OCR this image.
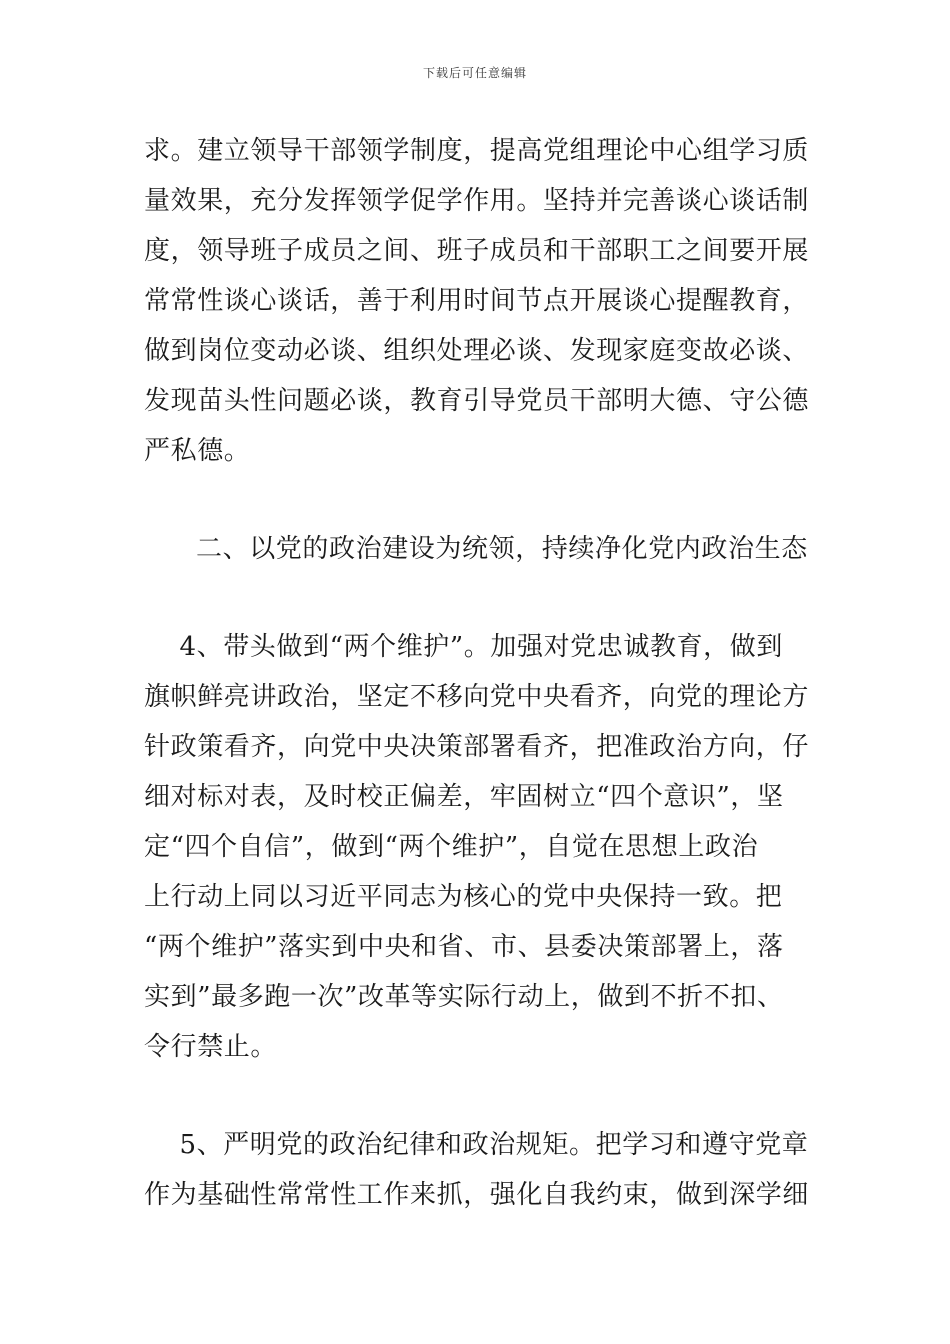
下载后可任意编辑
求。建立领导干部领学制度，提高党组理论中心组学习质
量效果，充分发挥领学促学作用。坚持并完善谈心谈话制
度，领导班子成员之间、班子成员和干部职工之间要开展
常常性谈心谈话，善于利用时间节点开展谈心提醒教育，
做到岗位变动必谈、组织处理必谈、发现家庭变故必谈、
发现苗头性问题必谈，教育引导党员干部明大德、守公德
严私德。
二、以党的政治建设为统领，持续净化党内政治生态
4、带头做到“两个维护”。加强对党忠诚教育，做到
旗帜鲜亮讲政治，坚定不移向党中央看齐，向党的理论方
针政策看齐，向党中央决策部署看齐，把准政治方向，仔
细对标对表，及时校正偏差，牢固树立“四个意识”，坚
定“四个自信”，做到“两个维护”，自觉在思想上政治
上行动上同以习近平同志为核心的党中央保持一致。把
“两个维护”落实到中央和省、市、县委决策部署上，落
实到”最多跑一次”改革等实际行动上，做到不折不扣、
令行禁止。
5、严明党的政治纪律和政治规矩。把学习和遵守党章
作为基础性常常性工作来抓，强化自我约束，做到深学细
